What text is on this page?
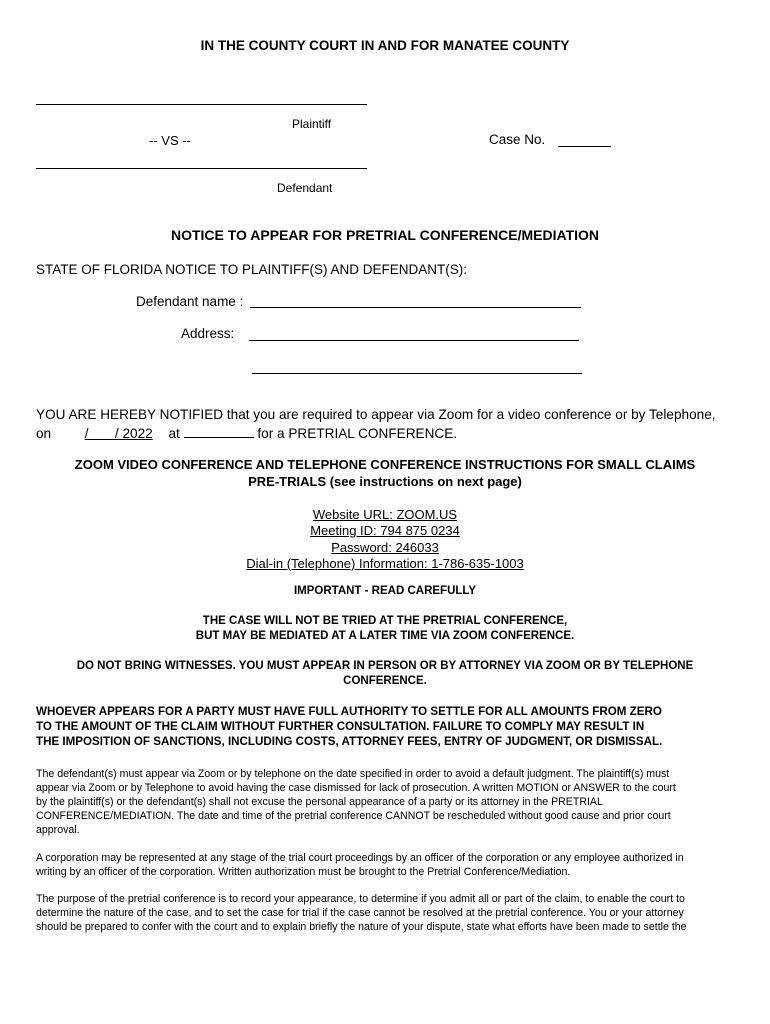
IN THE COUNTY COURT IN AND FOR MANATEE COUNTY
Plaintiff
-- VS --	Case No.
Defendant
NOTICE TO APPEAR FOR PRETRIAL CONFERENCE/MEDIATION
STATE OF FLORIDA NOTICE TO PLAINTIFF(S) AND DEFENDANT(S):
Defendant name :
Address:
YOU ARE HEREBY NOTIFIED that you are required to appear via Zoom for a video conference or by Telephone,
on /       / 2022 at	for a PRETRIAL CONFERENCE.
ZOOM VIDEO CONFERENCE AND TELEPHONE CONFERENCE INSTRUCTIONS FOR SMALL CLAIMS
PRE-TRIALS (see instructions on next page)
Website URL: ZOOM.US
Meeting ID: 794 875 0234
Password: 246033
Dial-in (Telephone) Information: 1-786-635-1003
IMPORTANT - READ CAREFULLY
THE CASE WILL NOT BE TRIED AT THE PRETRIAL CONFERENCE,
BUT MAY BE MEDIATED AT A LATER TIME VIA ZOOM CONFERENCE.
DO NOT BRING WITNESSES. YOU MUST APPEAR IN PERSON OR BY ATTORNEY VIA ZOOM OR BY TELEPHONE
CONFERENCE.
WHOEVER APPEARS FOR A PARTY MUST HAVE FULL AUTHORITY TO SETTLE FOR ALL AMOUNTS FROM ZERO
TO THE AMOUNT OF THE CLAIM WITHOUT FURTHER CONSULTATION. FAILURE TO COMPLY MAY RESULT IN
THE IMPOSITION OF SANCTIONS, INCLUDING COSTS, ATTORNEY FEES, ENTRY OF JUDGMENT, OR DISMISSAL.
The defendant(s) must appear via Zoom or by telephone on the date specified in order to avoid a default judgment. The plaintiff(s) must
appear via Zoom or by Telephone to avoid having the case dismissed for lack of prosecution. A written MOTION or ANSWER to the court
by the plaintiff(s) or the defendant(s) shall not excuse the personal appearance of a party or its attorney in the PRETRIAL
CONFERENCE/MEDIATION. The date and time of the pretrial conference CANNOT be rescheduled without good cause and prior court
approval.
A corporation may be represented at any stage of the trial court proceedings by an officer of the corporation or any employee authorized in
writing by an officer of the corporation. Written authorization must be brought to the Pretrial Conference/Mediation.
The purpose of the pretrial conference is to record your appearance, to determine if you admit all or part of the claim, to enable the court to
determine the nature of the case, and to set the case for trial if the case cannot be resolved at the pretrial conference. You or your attorney
should be prepared to confer with the court and to explain briefly the nature of your dispute, state what efforts have been made to settle the
